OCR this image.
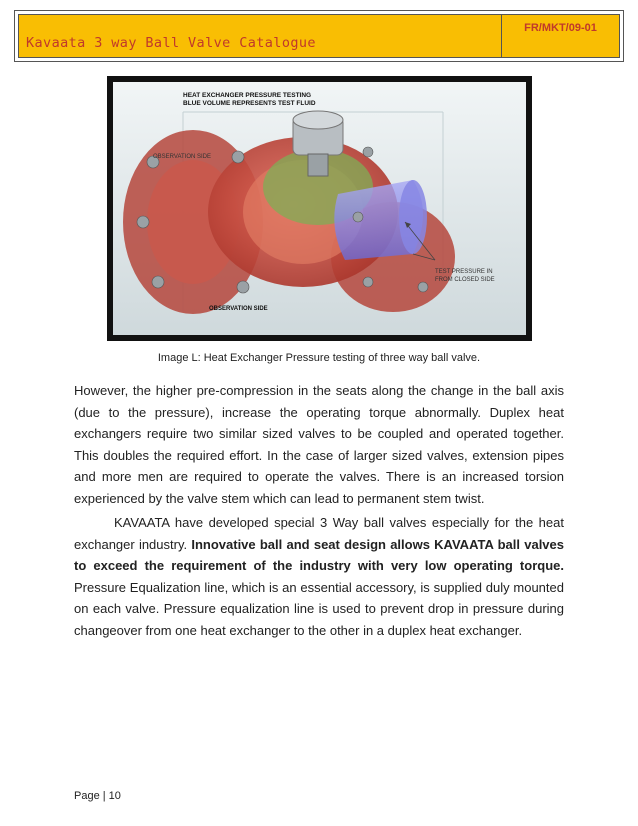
Kavaata 3 way Ball Valve Catalogue
FR/MKT/09-01
HEAT EXCHANGER PRESSURE TESTING
BLUE VOLUME REPRESENTS TEST FLUID
OBSERVATION SIDE
OBSERVATION SIDE
TEST PRESSURE IN
FROM CLOSED SIDE
Image L: Heat Exchanger Pressure testing of three way ball valve.

However, the higher pre-compression in the seats along the change in the ball axis (due to the pressure), increase the operating torque abnormally. Duplex heat exchangers require two similar sized valves to be coupled and operated together. This doubles the required effort. In the case of larger sized valves, extension pipes and more men are required to operate the valves. There is an increased torsion experienced by the valve stem which can lead to permanent stem twist.

KAVAATA have developed special 3 Way ball valves especially for the heat exchanger industry. Innovative ball and seat design allows KAVAATA ball valves to exceed the requirement of the industry with very low operating torque. Pressure Equalization line, which is an essential accessory, is supplied duly mounted on each valve. Pressure equalization line is used to prevent drop in pressure during changeover from one heat exchanger to the other in a duplex heat exchanger.

Page | 10
